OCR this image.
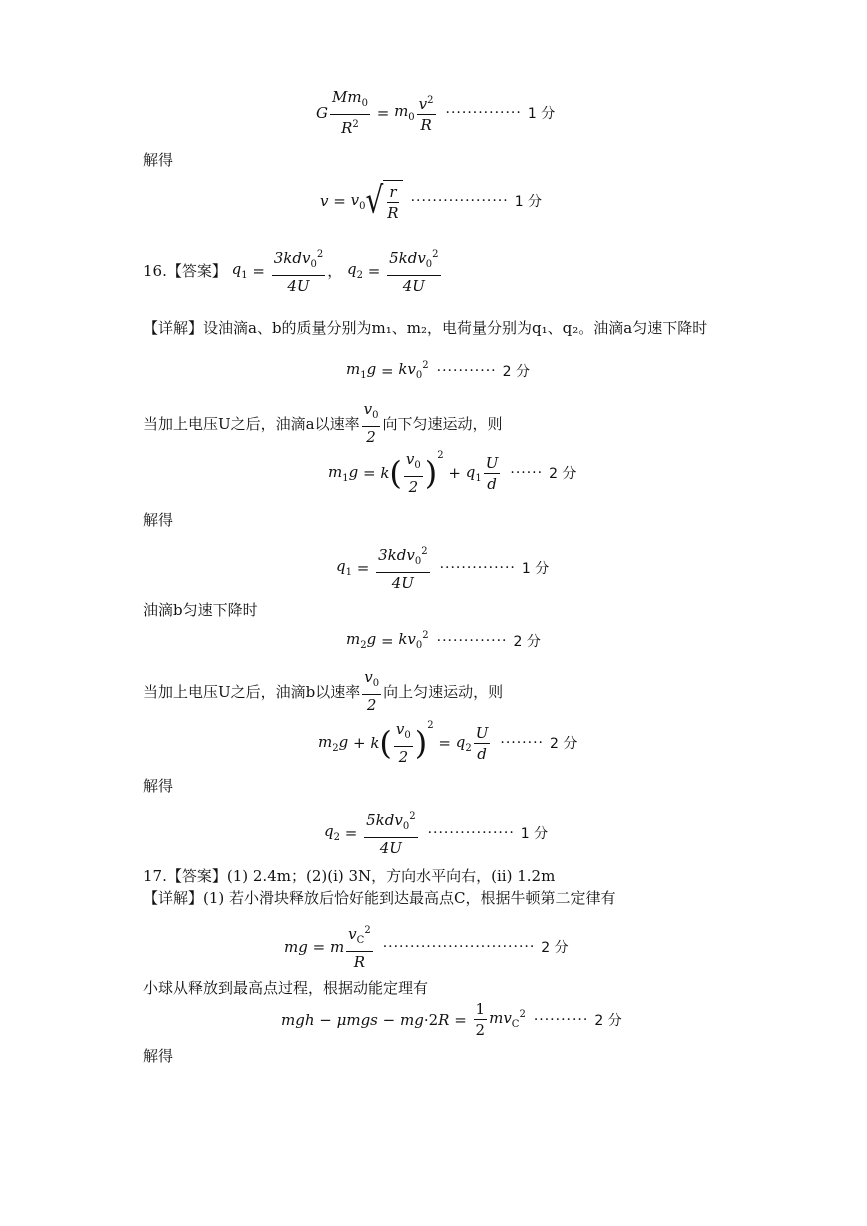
G $\frac{Mm_0}{R^2} = m_0 \frac{v^2}{R}$ ·············· 1 分
解得
$v = v_0$ √ $\frac{r}{R}$ ·················· 1 分
16. 【答案】 $q_1 = \frac{3kdv_0^2}{4U}$ ， $q_2 = \frac{5kdv_0^2}{4U}$
【详解】设油滴a、b的质量分别为m₁、m₂，电荷量分别为q₁、q₂。油滴a匀速下降时
$m_1g = kv_0^2$ ··········· 2 分
当加上电压U之后，油滴a以速率 $\frac{v_0}{2}$ 向下匀速运动，则
$m_1g = k$ ( $\frac{v_0}{2} )^2$
+ $q_1 \frac{U}{d}$ ······ 2 分
解得
$q_1 = \frac{3kdv_0^2}{4U}$ ·············· 1 分
油滴b匀速下降时
$m_2g = kv_0^2$ ············· 2 分
当加上电压U之后，油滴b以速率 $\frac{v_0}{2}$ 向上匀速运动，则
$m_2g + k$ ( $\frac{v_0}{2} )^2$
= $q_2 \frac{U}{d}$ ········ 2 分
解得
$q_2 = \frac{5kdv_0^2}{4U}$ ················ 1 分
17.【答案】(1) 2.4m；(2)(i) 3N，方向水平向右，(ii) 1.2m
【详解】(1) 若小滑块释放后恰好能到达最高点C，根据牛顿第二定律有
mg = m $\frac{v_C^2}{R}$ ···························· 2 分
小球从释放到最高点过程，根据动能定理有
mgh − μmgs − mg ·2 $R = \frac{1}{2} mv_C^2$ ·········· 2 分
解得
